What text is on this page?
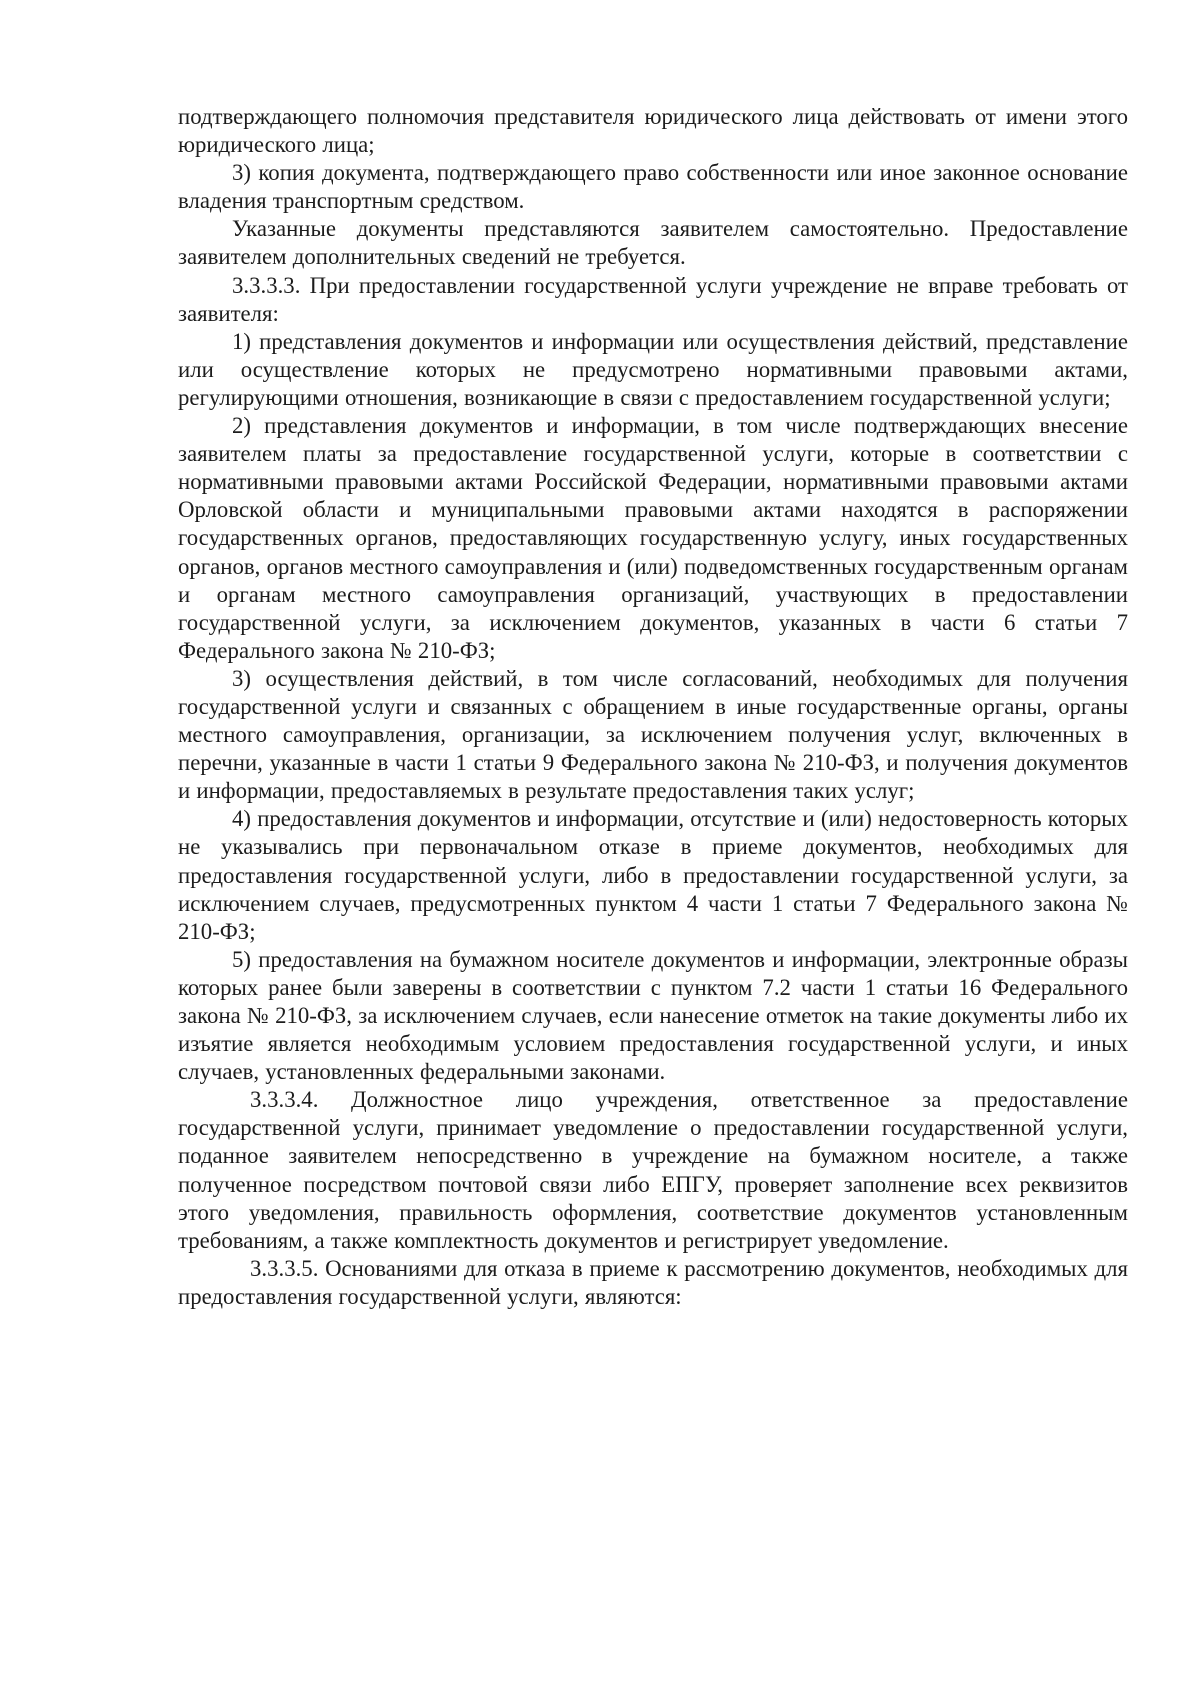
подтверждающего полномочия представителя юридического лица действовать от имени этого юридического лица;

3) копия документа, подтверждающего право собственности или иное законное основание владения транспортным средством.

Указанные документы представляются заявителем самостоятельно. Предоставление заявителем дополнительных сведений не требуется.

3.3.3.3. При предоставлении государственной услуги учреждение не вправе требовать от заявителя:

1) представления документов и информации или осуществления действий, представление или осуществление которых не предусмотрено нормативными правовыми актами, регулирующими отношения, возникающие в связи с предоставлением государственной услуги;

2) представления документов и информации, в том числе подтверждающих внесение заявителем платы за предоставление государственной услуги, которые в соответствии с нормативными правовыми актами Российской Федерации, нормативными правовыми актами Орловской области и муниципальными правовыми актами находятся в распоряжении государственных органов, предоставляющих государственную услугу, иных государственных органов, органов местного самоуправления и (или) подведомственных государственным органам и органам местного самоуправления организаций, участвующих в предоставлении государственной услуги, за исключением документов, указанных в части 6 статьи 7 Федерального закона № 210-ФЗ;

3) осуществления действий, в том числе согласований, необходимых для получения государственной услуги и связанных с обращением в иные государственные органы, органы местного самоуправления, организации, за исключением получения услуг, включенных в перечни, указанные в части 1 статьи 9 Федерального закона № 210-ФЗ, и получения документов и информации, предоставляемых в результате предоставления таких услуг;

4) предоставления документов и информации, отсутствие и (или) недостоверность которых не указывались при первоначальном отказе в приеме документов, необходимых для предоставления государственной услуги, либо в предоставлении государственной услуги, за исключением случаев, предусмотренных пунктом 4 части 1 статьи 7 Федерального закона № 210-ФЗ;

5) предоставления на бумажном носителе документов и информации, электронные образы которых ранее были заверены в соответствии с пунктом 7.2 части 1 статьи 16 Федерального закона № 210-ФЗ, за исключением случаев, если нанесение отметок на такие документы либо их изъятие является необходимым условием предоставления государственной услуги, и иных случаев, установленных федеральными законами.

3.3.3.4. Должностное лицо учреждения, ответственное за предоставление государственной услуги, принимает уведомление о предоставлении государственной услуги, поданное заявителем непосредственно в учреждение на бумажном носителе, а также полученное посредством почтовой связи либо ЕПГУ, проверяет заполнение всех реквизитов этого уведомления, правильность оформления, соответствие документов установленным требованиям, а также комплектность документов и регистрирует уведомление.

3.3.3.5. Основаниями для отказа в приеме к рассмотрению документов, необходимых для предоставления государственной услуги, являются:
